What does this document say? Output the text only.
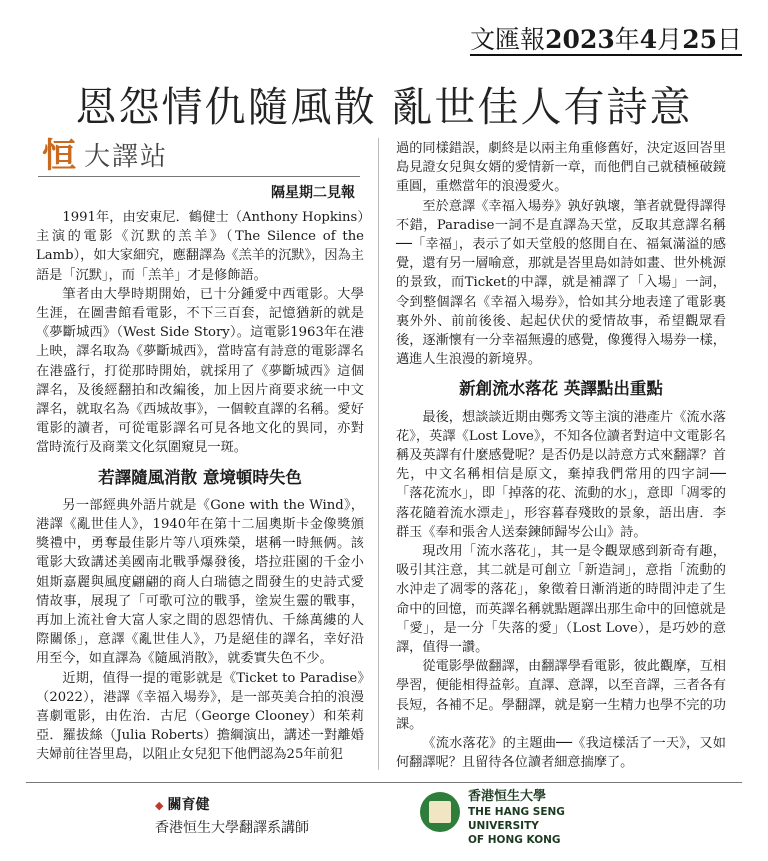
文匯報2023年4月25日
恩怨情仇隨風散 亂世佳人有詩意
恒 大譯站
隔星期二見報

1991年，由安東尼．鶴健士（Anthony Hopkins）主演的電影《沉默的羔羊》（The Silence of the Lamb），如大家細究，應翻譯為《羔羊的沉默》，因為主語是「沉默」，而「羔羊」才是修飾語。

筆者由大學時期開始，已十分鍾愛中西電影。大學生涯，在圖書館看電影，不下三百套，記憶猶新的就是《夢斷城西》（West Side Story）。這電影1963年在港上映，譯名取為《夢斷城西》，當時富有詩意的電影譯名在港盛行，打從那時開始，就採用了《夢斷城西》這個譯名，及後經翻拍和改編後，加上因片商要求統一中文譯名，就取名為《西城故事》，一個較直譯的名稱。愛好電影的讀者，可從電影譯名可見各地文化的異同，亦對當時流行及商業文化氛圍窺見一斑。

若譯隨風消散 意境頓時失色

另一部經典外語片就是《Gone with the Wind》，港譯《亂世佳人》，1940年在第十二屆奧斯卡金像獎頒獎禮中，勇奪最佳影片等八項殊榮，堪稱一時無俩。該電影大致講述美國南北戰爭爆發後，塔拉莊園的千金小姐斯嘉麗與風度翩翩的商人白瑞德之間發生的史詩式愛情故事，展現了「可歌可泣的戰爭，塗炭生靈的戰事，再加上流社會大富人家之間的恩怨情仇、千絲萬縷的人際關係」，意譯《亂世佳人》，乃是絕佳的譯名，幸好沿用至今，如直譯為《隨風消散》，就委實失色不少。

近期，值得一提的電影就是《Ticket to Paradise》（2022），港譯《幸福入場券》，是一部英美合拍的浪漫喜劇電影，由佐治．古尼（George Clooney）和茱莉亞．羅拔絲（Julia Roberts）擔綱演出，講述一對離婚夫婦前往峇里島，以阻止女兒犯下他們認為25年前犯

過的同樣錯誤，劇終是以兩主角重修舊好，決定返回峇里島見證女兒與女婿的愛情新一章，而他們自己就積極破鏡重圓，重燃當年的浪漫愛火。

至於意譯《幸福入場券》孰好孰壞，筆者就覺得譯得不錯，Paradise一詞不是直譯為天堂，反取其意譯名稱──「幸福」，表示了如天堂般的悠閒自在、福氣滿溢的感覺，還有另一層喻意，那就是峇里島如詩如畫、世外桃源的景致，而Ticket的中譯，就是補譯了「入場」一詞，令到整個譯名《幸福入場券》，恰如其分地表達了電影裏裏外外、前前後後、起起伏伏的愛情故事，希望觀眾看後，逐漸懷有一分幸福無邊的感覺，像獲得入場券一樣，邁進人生浪漫的新境界。

新創流水落花 英譯點出重點

最後，想談談近期由鄭秀文等主演的港產片《流水落花》，英譯《Lost Love》，不知各位讀者對這中文電影名稱及英譯有什麼感覺呢？是否仍是以詩意方式來翻譯？首先，中文名稱相信是原文，棄掉我們常用的四字詞──「落花流水」，即「掉落的花、流動的水」，意即「凋零的落花隨着流水漂走」，形容暮春殘敗的景象，語出唐．李群玉《奉和張舍人送秦鍊師歸岑公山》詩。

現改用「流水落花」，其一是令觀眾感到新奇有趣，吸引其注意，其二就是可創立「新造詞」，意指「流動的水沖走了凋零的落花」，象徵着日漸消逝的時間沖走了生命中的回憶，而英譯名稱就點題譯出那生命中的回憶就是「愛」，是一分「失落的愛」（Lost Love），是巧妙的意譯，值得一讚。

從電影學做翻譯，由翻譯學看電影，彼此觀摩，互相學習，便能相得益彰。直譯、意譯，以至音譯，三者各有長短，各補不足。學翻譯，就是窮一生精力也學不完的功課。

《流水落花》的主題曲──《我這樣活了一天》，又如何翻譯呢？且留待各位讀者細意揣摩了。

◆ 關育健
香港恒生大學翻譯系講師
香港恒生大學
THE HANG SENG UNIVERSITY
OF HONG KONG
